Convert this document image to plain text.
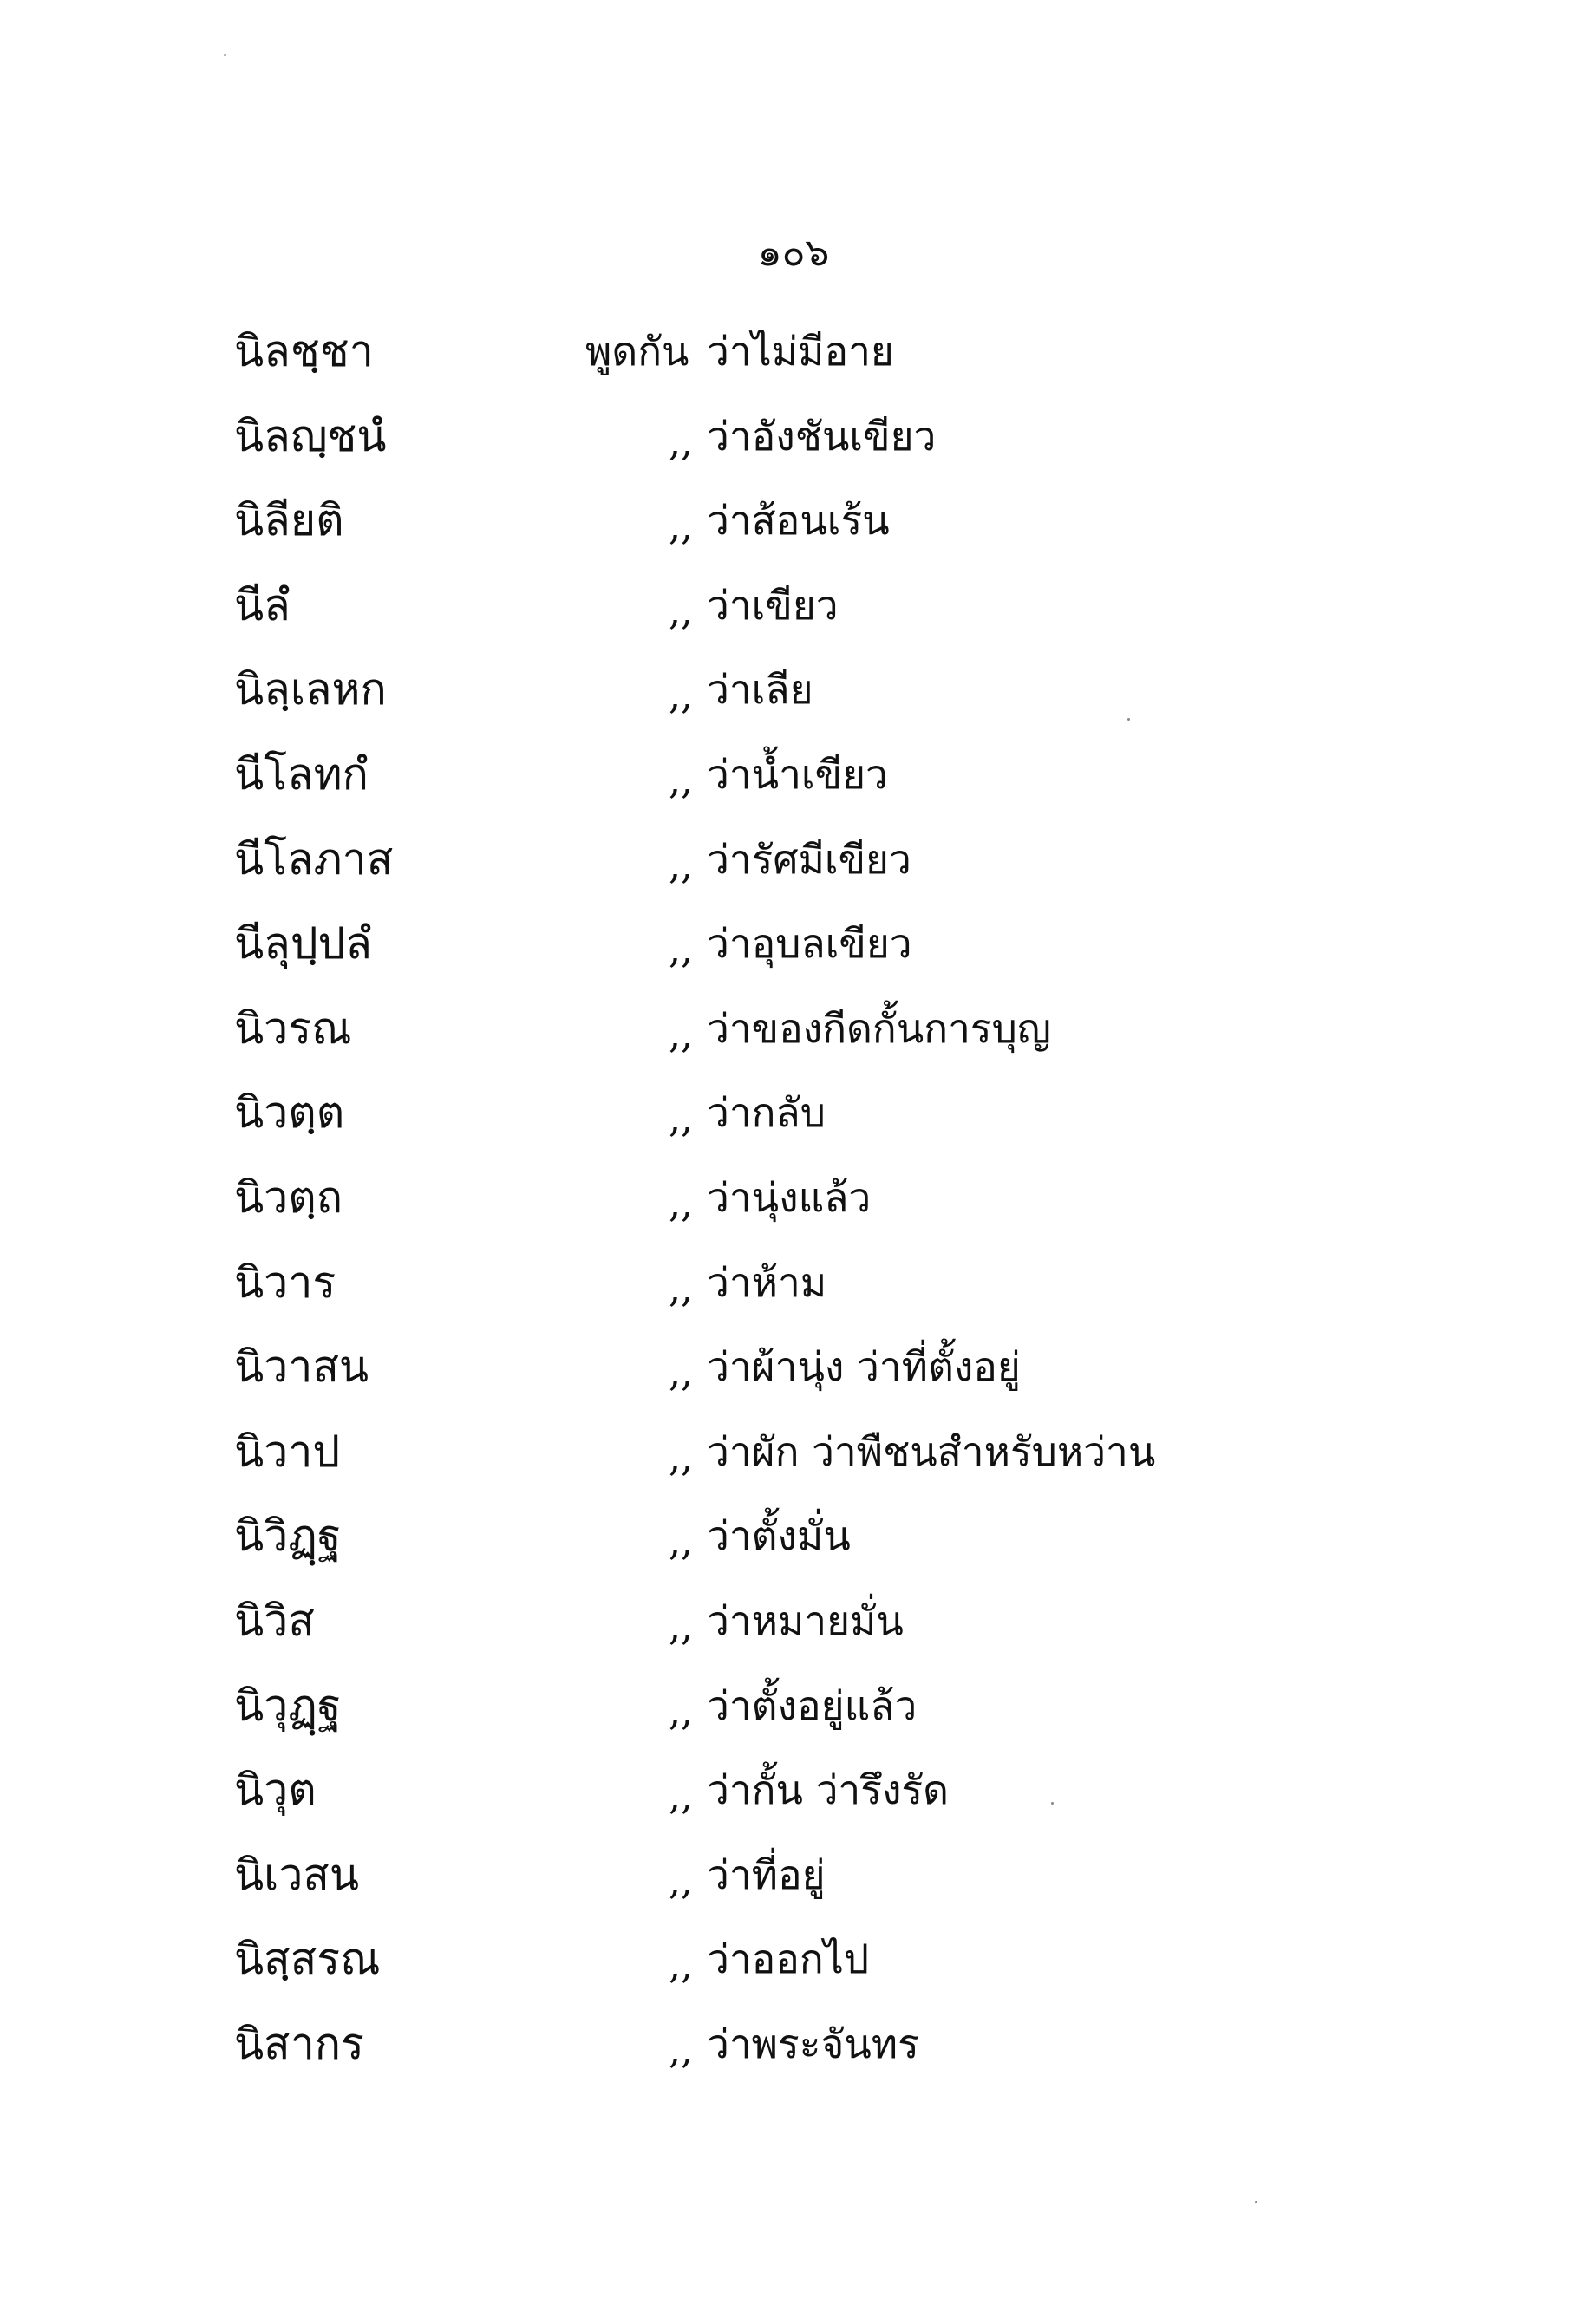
๑๐๖
นิลชฺชา	พูดกัน ว่าไม่มีอาย
นิลญฺชนํ	,, ว่าอังชันเขียว
นิลียติ	,, ว่าส้อนเร้น
นีลํ	,, ว่าเขียว
นิลฺเลหก	,, ว่าเลีย
นีโลทกํ	,, ว่าน้ำเขียว
นีโลภาส	,, ว่ารัศมีเขียว
นีลุปฺปลํ	,, ว่าอุบลเขียว
นิวรณ	,, ว่าของกีดกั้นการบุญ
นิวตฺต	,, ว่ากลับ
นิวตฺถ	,, ว่านุ่งแล้ว
นิวาร	,, ว่าห้าม
นิวาสน	,, ว่าผ้านุ่ง ว่าที่ตั้งอยู่
นิวาป	,, ว่าผัก ว่าพืชนสำหรับหว่าน
นิวิฏฺฐ	,, ว่าตั้งมั่น
นิวิส	,, ว่าหมายมั่น
นิวุฏฺฐ	,, ว่าตั้งอยู่แล้ว
นิวุต	,, ว่ากั้น ว่ารึงรัด
นิเวสน	,, ว่าที่อยู่
นิสฺสรณ	,, ว่าออกไป
นิสากร	,, ว่าพระจันทร
